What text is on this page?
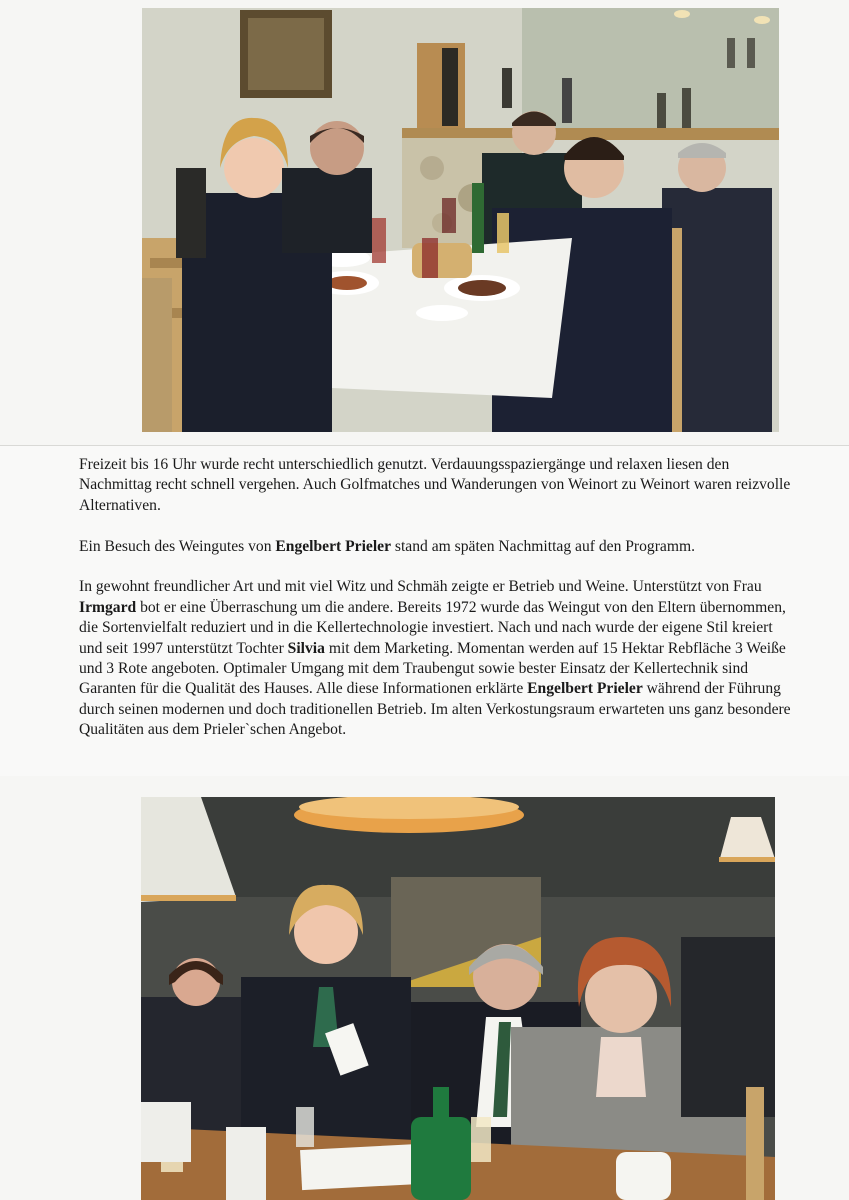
Freizeit bis 16 Uhr wurde recht unterschiedlich genutzt. Verdauungsspaziergänge und relaxen liesen den Nachmittag recht schnell vergehen. Auch Golfmatches und Wanderungen von Weinort zu Weinort waren reizvolle Alternativen.

Ein Besuch des Weingutes von Engelbert Prieler stand am späten Nachmittag auf den Programm.

In gewohnt freundlicher Art und mit viel Witz und Schmäh zeigte er Betrieb und Weine. Unterstützt von Frau Irmgard bot er eine Überraschung um die andere. Bereits 1972 wurde das Weingut von den Eltern übernommen, die Sortenvielfalt reduziert und in die Kellertechnologie investiert. Nach und nach wurde der eigene Stil kreiert und seit 1997 unterstützt Tochter Silvia mit dem Marketing. Momentan werden auf 15 Hektar Rebfläche 3 Weiße und 3 Rote angeboten. Optimaler Umgang mit dem Traubengut sowie bester Einsatz der Kellertechnik sind Garanten für die Qualität des Hauses. Alle diese Informationen erklärte Engelbert Prieler während der Führung durch seinen modernen und doch traditionellen Betrieb. Im alten Verkostungsraum erwarteten uns ganz besondere Qualitäten aus dem Prieler`schen Angebot.
